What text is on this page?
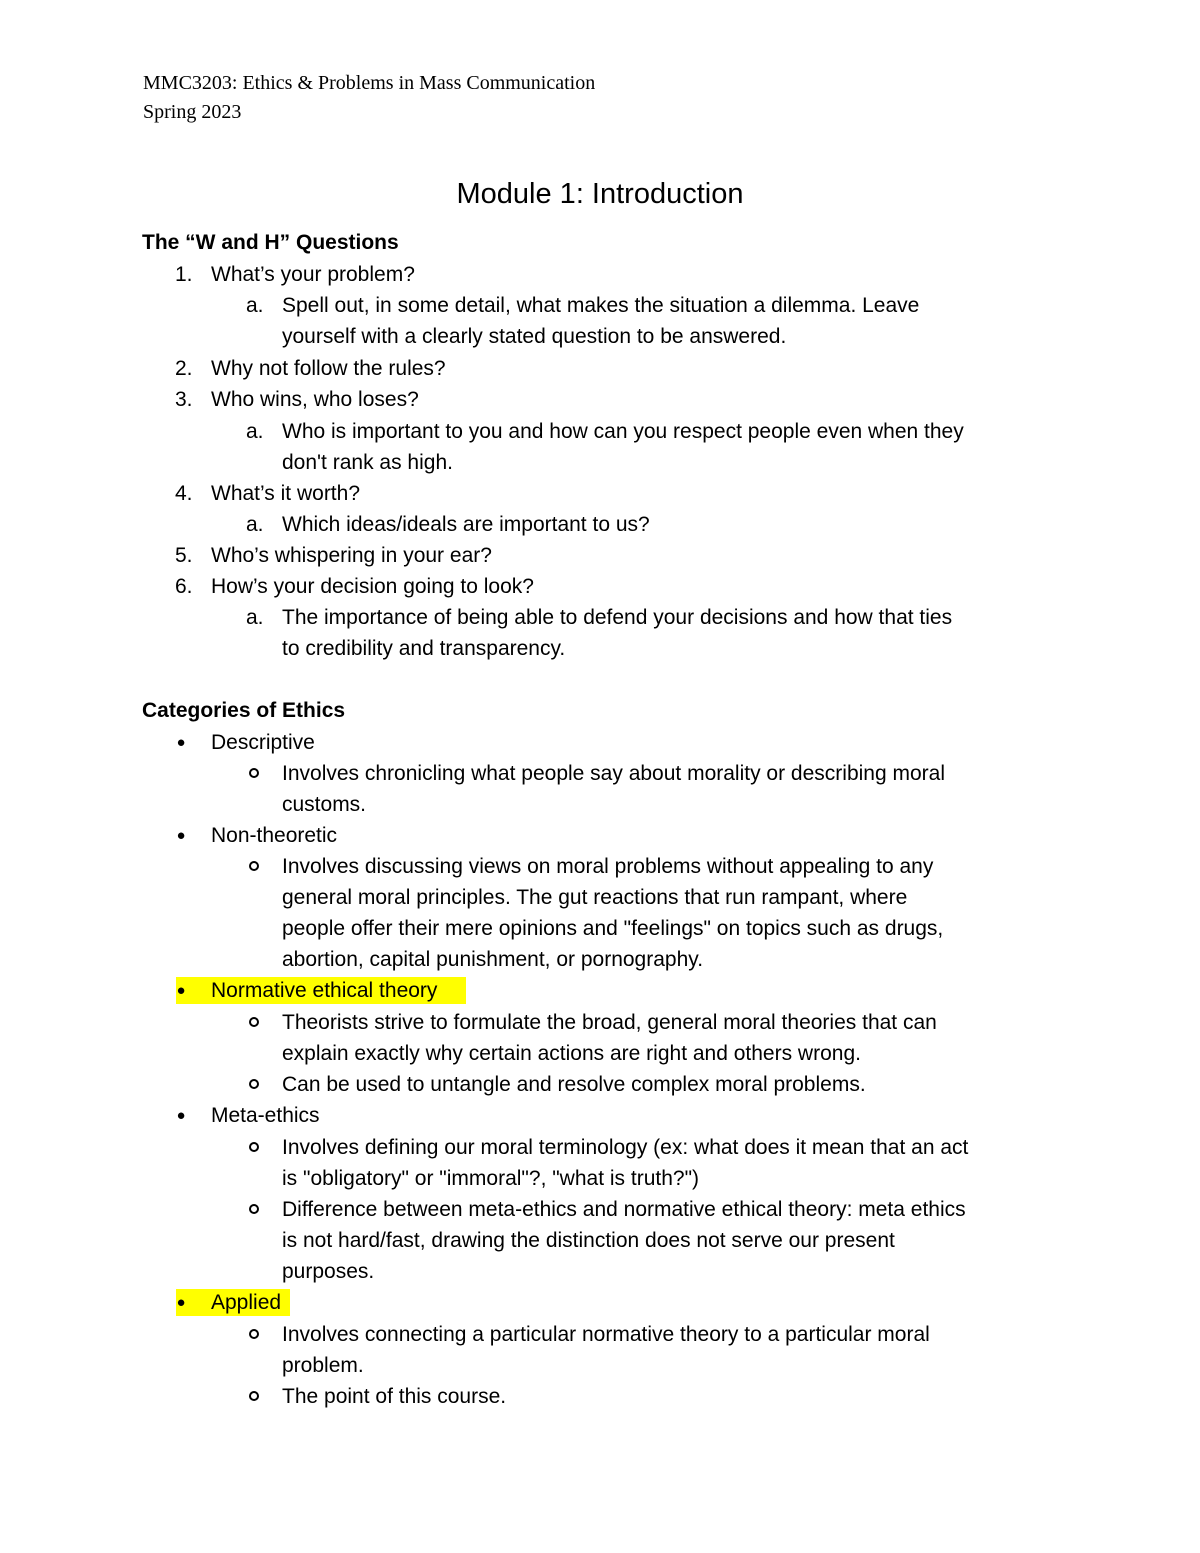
MMC3203: Ethics & Problems in Mass Communication
Spring 2023
Module 1: Introduction
The “W and H” Questions
1. What’s your problem?
a. Spell out, in some detail, what makes the situation a dilemma. Leave
yourself with a clearly stated question to be answered.
2. Why not follow the rules?
3. Who wins, who loses?
a. Who is important to you and how can you respect people even when they
don't rank as high.
4. What’s it worth?
a. Which ideas/ideals are important to us?
5. Who’s whispering in your ear?
6. How’s your decision going to look?
a. The importance of being able to defend your decisions and how that ties
to credibility and transparency.
Categories of Ethics
● Descriptive
Involves chronicling what people say about morality or describing moral
customs.
● Non-theoretic
Involves discussing views on moral problems without appealing to any
general moral principles. The gut reactions that run rampant, where
people offer their mere opinions and "feelings" on topics such as drugs,
abortion, capital punishment, or pornography.
● Normative ethical theory
Theorists strive to formulate the broad, general moral theories that can
explain exactly why certain actions are right and others wrong.
Can be used to untangle and resolve complex moral problems.
● Meta-ethics
Involves defining our moral terminology (ex: what does it mean that an act
is "obligatory" or "immoral"?, "what is truth?")
Difference between meta-ethics and normative ethical theory: meta ethics
is not hard/fast, drawing the distinction does not serve our present
purposes.
● Applied
Involves connecting a particular normative theory to a particular moral
problem.
The point of this course.
